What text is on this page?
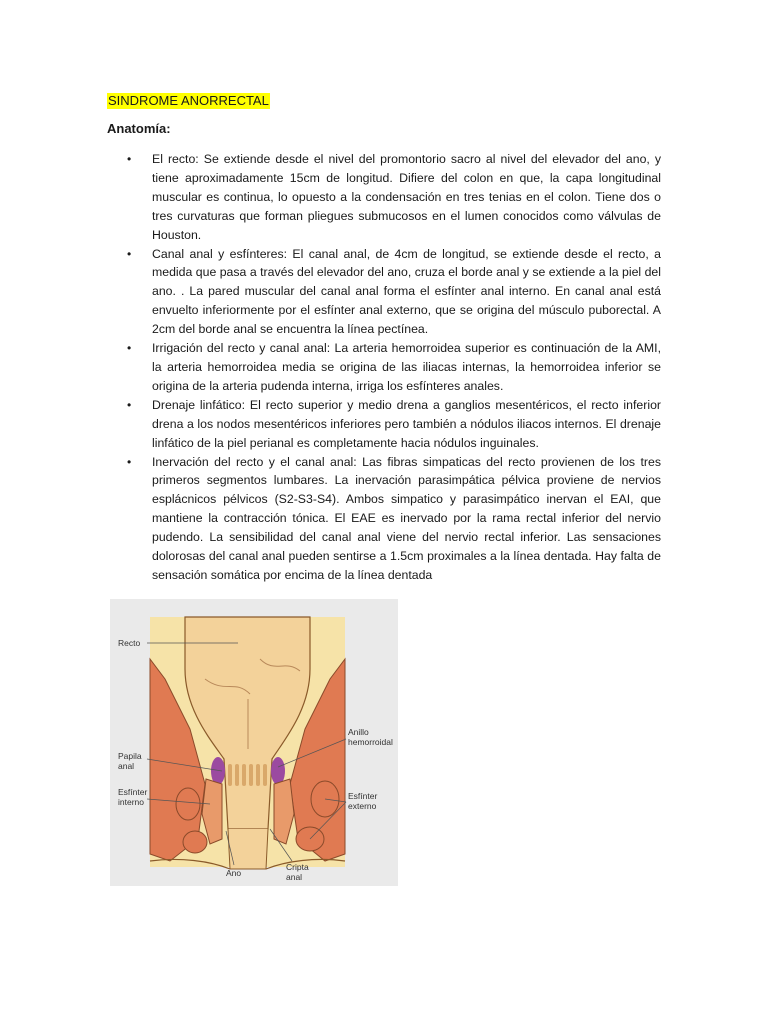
SINDROME ANORRECTAL
Anatomía:
• El recto: Se extiende desde el nivel del promontorio sacro al nivel del elevador del ano, y tiene aproximadamente 15cm de longitud. Difiere del colon en que, la capa longitudinal muscular es continua, lo opuesto a la condensación en tres tenias en el colon. Tiene dos o tres curvaturas que forman pliegues submucosos en el lumen conocidos como válvulas de Houston.
• Canal anal y esfínteres: El canal anal, de 4cm de longitud, se extiende desde el recto, a medida que pasa a través del elevador del ano, cruza el borde anal y se extiende a la piel del ano. . La pared muscular del canal anal forma el esfínter anal interno. En canal anal está envuelto inferiormente por el esfínter anal externo, que se origina del músculo puborectal. A 2cm del borde anal se encuentra la línea pectínea.
• Irrigación del recto y canal anal: La arteria hemorroidea superior es continuación de la AMI, la arteria hemorroidea media se origina de las iliacas internas, la hemorroidea inferior se origina de la arteria pudenda interna, irriga los esfínteres anales.
• Drenaje linfático: El recto superior y medio drena a ganglios mesentéricos, el recto inferior drena a los nodos mesentéricos inferiores pero también a nódulos iliacos internos. El drenaje linfático de la piel perianal es completamente hacia nódulos inguinales.
• Inervación del recto y el canal anal: Las fibras simpaticas del recto provienen de los tres primeros segmentos lumbares. La inervación parasimpática pélvica proviene de nervios esplácnicos pélvicos (S2-S3-S4). Ambos simpatico y parasimpático inervan el EAI, que mantiene la contracción tónica. El EAE es inervado por la rama rectal inferior del nervio pudendo. La sensibilidad del canal anal viene del nervio rectal inferior. Las sensaciones dolorosas del canal anal pueden sentirse a 1.5cm proximales a la línea dentada. Hay falta de sensación somática por encima de la línea dentada
Recto
Papila
anal
Esfínter
interno
Anillo
hemorroidal
Esfínter
externo
Ano
Cripta
anal
